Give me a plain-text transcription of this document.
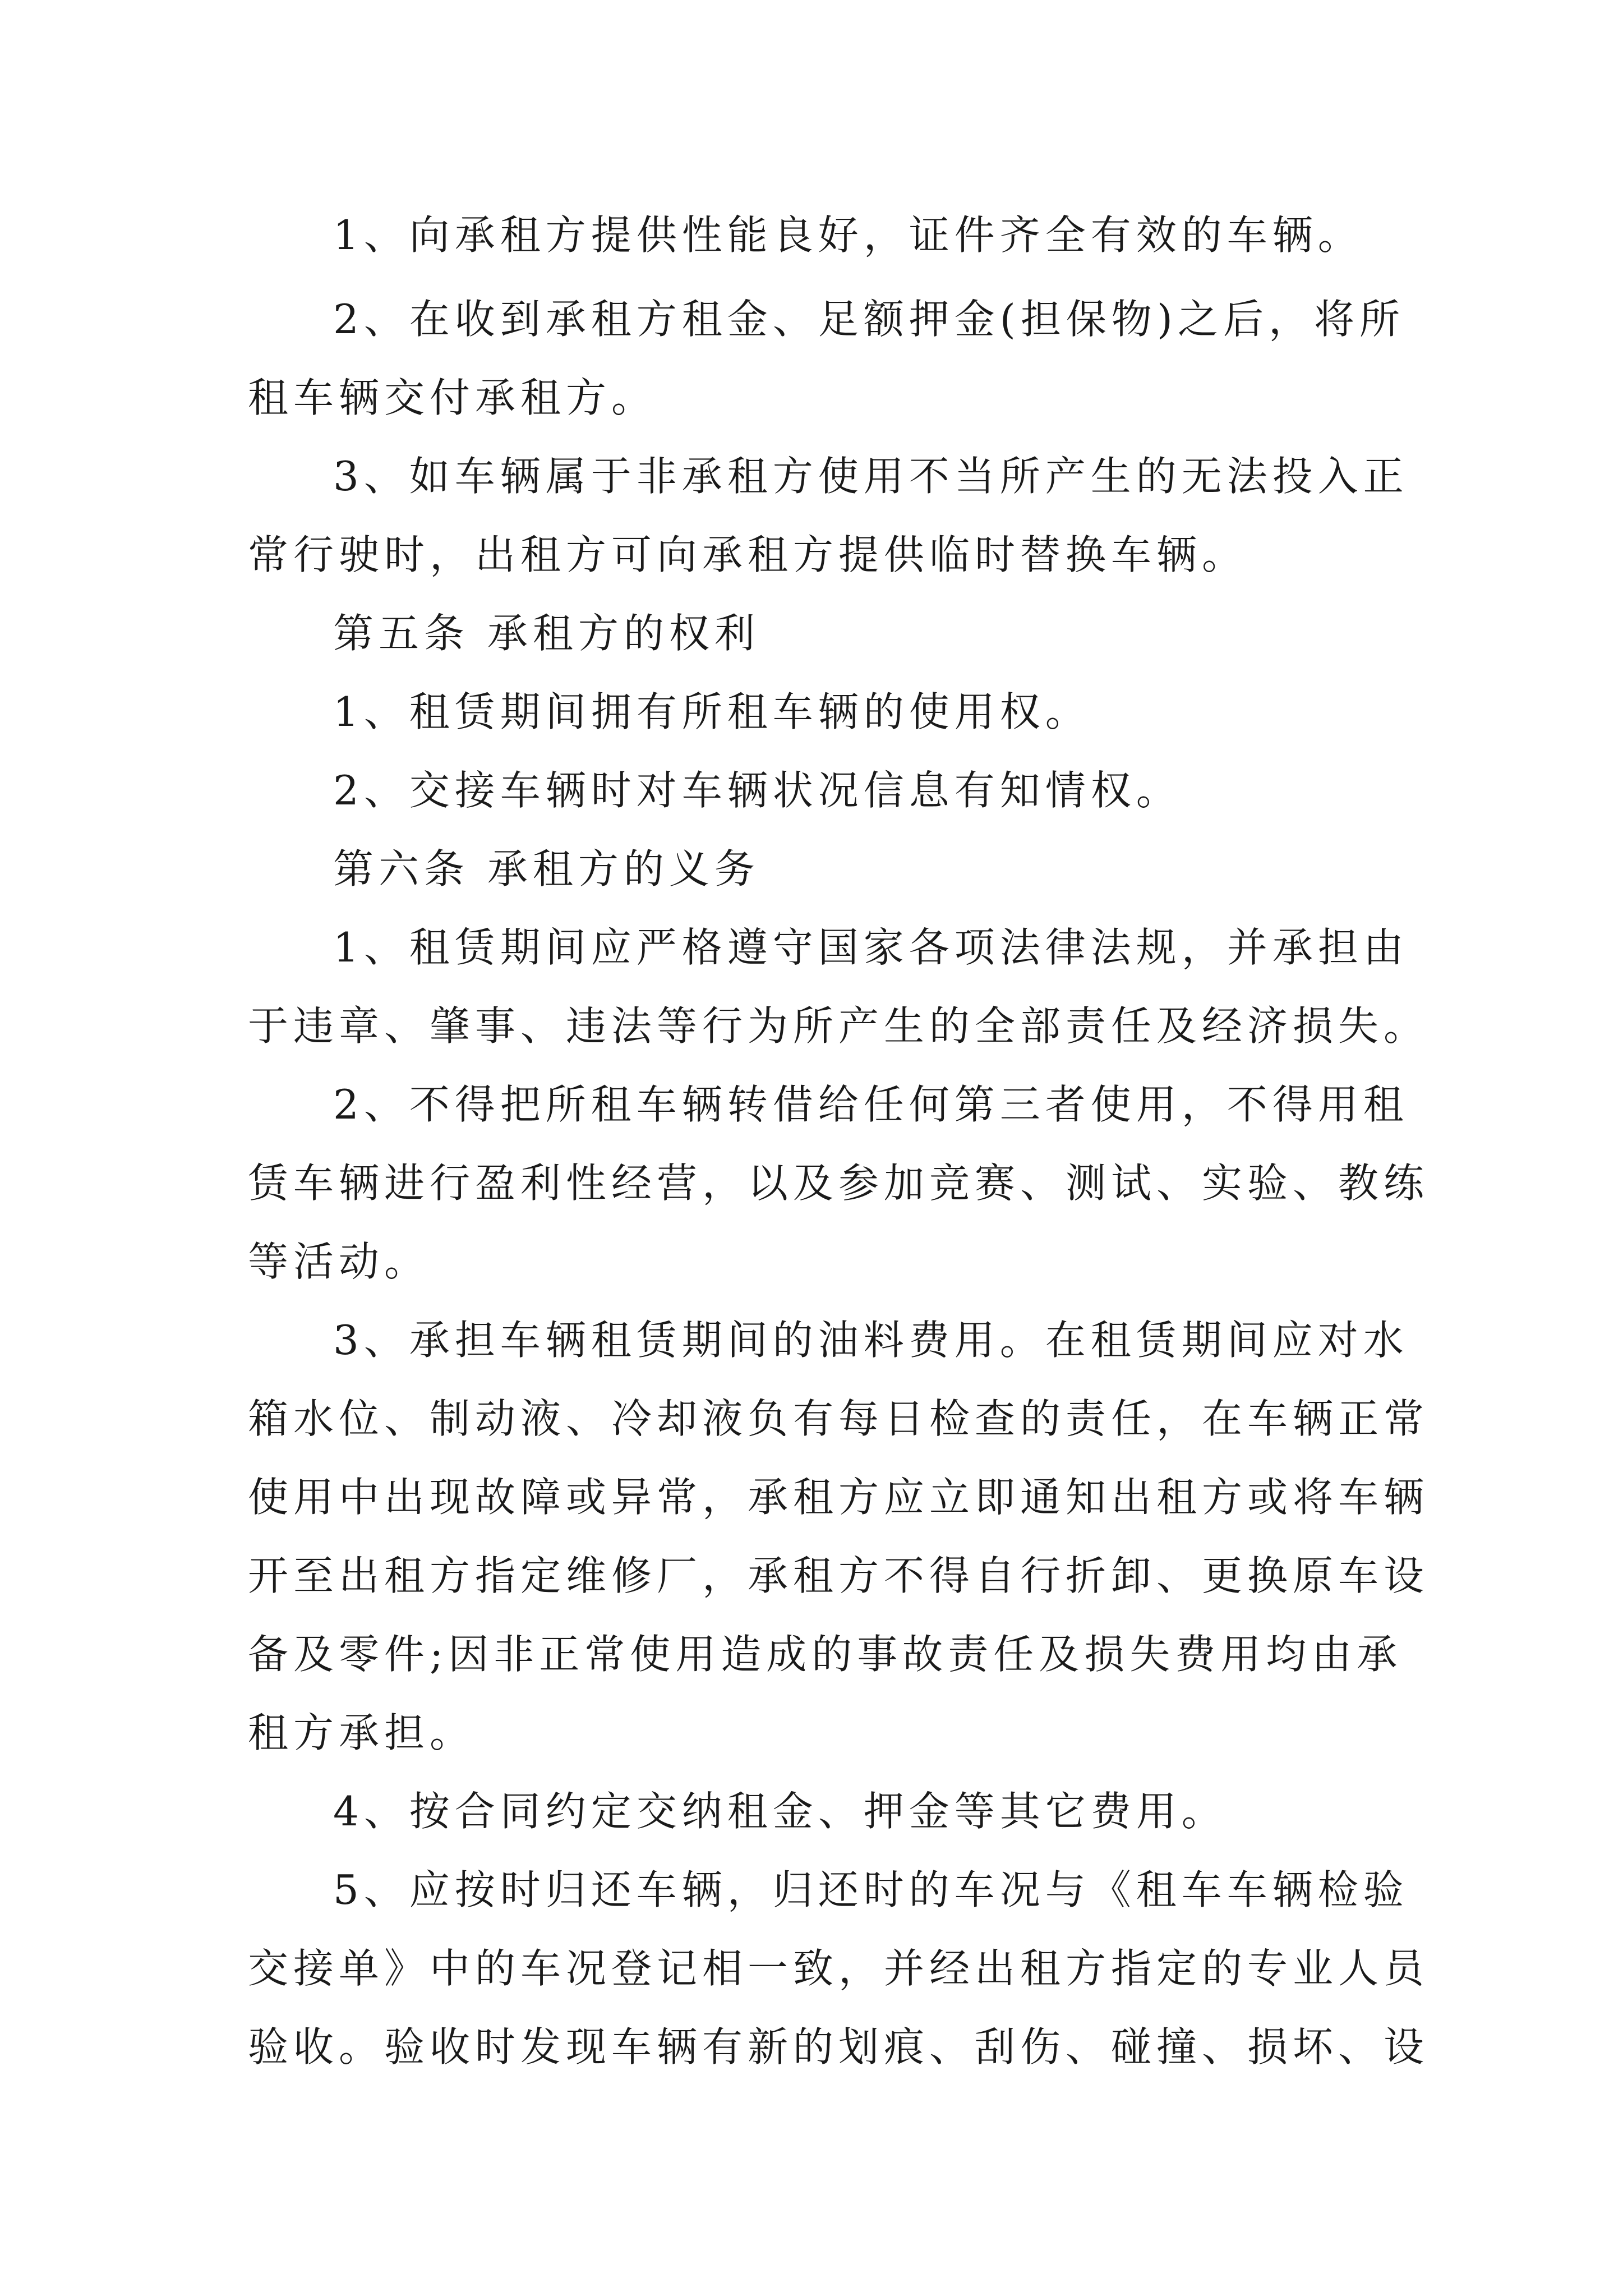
1、向承租方提供性能良好，证件齐全有效的车辆。

2、在收到承租方租金、足额押金(担保物)之后，将所

租车辆交付承租方。

3、如车辆属于非承租方使用不当所产生的无法投入正

常行驶时，出租方可向承租方提供临时替换车辆。

第五条 承租方的权利

1、租赁期间拥有所租车辆的使用权。

2、交接车辆时对车辆状况信息有知情权。

第六条 承租方的义务

1、租赁期间应严格遵守国家各项法律法规，并承担由

于违章、肇事、违法等行为所产生的全部责任及经济损失。

2、不得把所租车辆转借给任何第三者使用，不得用租

赁车辆进行盈利性经营，以及参加竞赛、测试、实验、教练

等活动。

3、承担车辆租赁期间的油料费用。在租赁期间应对水

箱水位、制动液、冷却液负有每日检查的责任，在车辆正常

使用中出现故障或异常，承租方应立即通知出租方或将车辆

开至出租方指定维修厂，承租方不得自行折卸、更换原车设

备及零件;因非正常使用造成的事故责任及损失费用均由承

租方承担。

4、按合同约定交纳租金、押金等其它费用。

5、应按时归还车辆，归还时的车况与《租车车辆检验

交接单》中的车况登记相一致，并经出租方指定的专业人员

验收。验收时发现车辆有新的划痕、刮伤、碰撞、损坏、设
